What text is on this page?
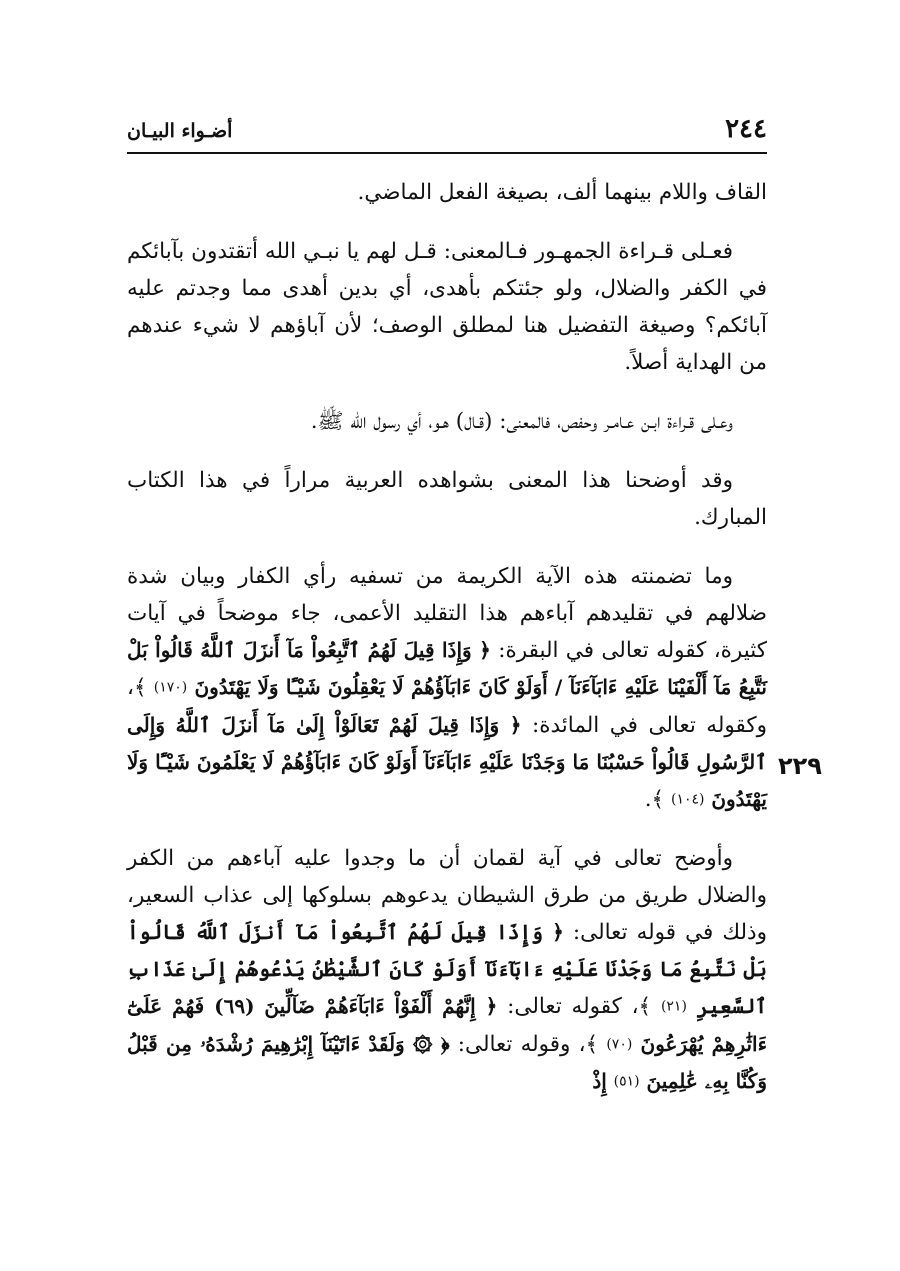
٢٤٤
أضـواء البيـان
٢٢٩

القاف واللام بينهما ألف، بصيغة الفعل الماضي.

فعـلى قـراءة الجمهـور فـالمعنى: قـل لهم يا نبـي الله أتقتدون بآبائكم في الكفر والضلال، ولو جئتكم بأهدى، أي بدين أهدى مما وجدتم عليه آبائكم؟ وصيغة التفضيل هنا لمطلق الوصف؛ لأن آباؤهم لا شيء عندهم من الهداية أصلاً.

وعـلى قـراءة ابـن عـامـر وحفص، فالمعنى: (قـال) هـو، أي رسول الله ﷺ.

وقد أوضحنا هذا المعنى بشواهده العربية مراراً في هذا الكتاب المبارك.

وما تضمنته هذه الآية الكريمة من تسفيه رأي الكفار وبيان شدة ضلالهم في تقليدهم آباءهم هذا التقليد الأعمى، جاء موضحاً في آيات كثيرة، كقوله تعالى في البقرة: ﴿ وَإِذَا قِيلَ لَهُمُ ٱتَّبِعُواْ مَآ أَنزَلَ ٱللَّهُ قَالُواْ بَلْ نَتَّبِعُ مَآ أَلْفَيْنَا عَلَيْهِ ءَابَآءَنَآ / أَوَلَوْ كَانَ ءَابَآؤُهُمْ لَا يَعْقِلُونَ شَيْـًٔا وَلَا يَهْتَدُونَ (١٧٠) ﴾، وكقوله تعالى في المائدة: ﴿ وَإِذَا قِيلَ لَهُمْ تَعَالَوْاْ إِلَىٰ مَآ أَنزَلَ ٱللَّهُ وَإِلَى ٱلرَّسُولِ قَالُواْ حَسْبُنَا مَا وَجَدْنَا عَلَيْهِ ءَابَآءَنَآ أَوَلَوْ كَانَ ءَابَآؤُهُمْ لَا يَعْلَمُونَ شَيْـًٔا وَلَا يَهْتَدُونَ (١٠٤) ﴾.

وأوضح تعالى في آية لقمان أن ما وجدوا عليه آباءهم من الكفر والضلال طريق من طرق الشيطان يدعوهم بسلوكها إلى عذاب السعير، وذلك في قوله تعالى: ﴿ وَإِذَا قِيلَ لَهُمُ ٱتَّبِعُواْ مَآ أَنزَلَ ٱللَّهُ قَالُواْ بَلْ نَتَّبِعُ مَا وَجَدْنَا عَلَيْهِ ءَابَآءَنَآ أَوَلَوْ كَانَ ٱلشَّيْطَٰنُ يَدْعُوهُمْ إِلَىٰ عَذَابِ ٱلسَّعِيرِ (٢١) ﴾، كقوله تعالى: ﴿ إِنَّهُمْ أَلْفَوْاْ ءَابَآءَهُمْ ضَآلِّينَ (٦٩) فَهُمْ عَلَىٰٓ ءَاثَٰرِهِمْ يُهْرَعُونَ (٧٠) ﴾، وقوله تعالى: ﴿ ۞ وَلَقَدْ ءَاتَيْنَآ إِبْرَٰهِيمَ رُشْدَهُۥ مِن قَبْلُ وَكُنَّا بِهِۦ عَٰلِمِينَ (٥١) إِذْ
